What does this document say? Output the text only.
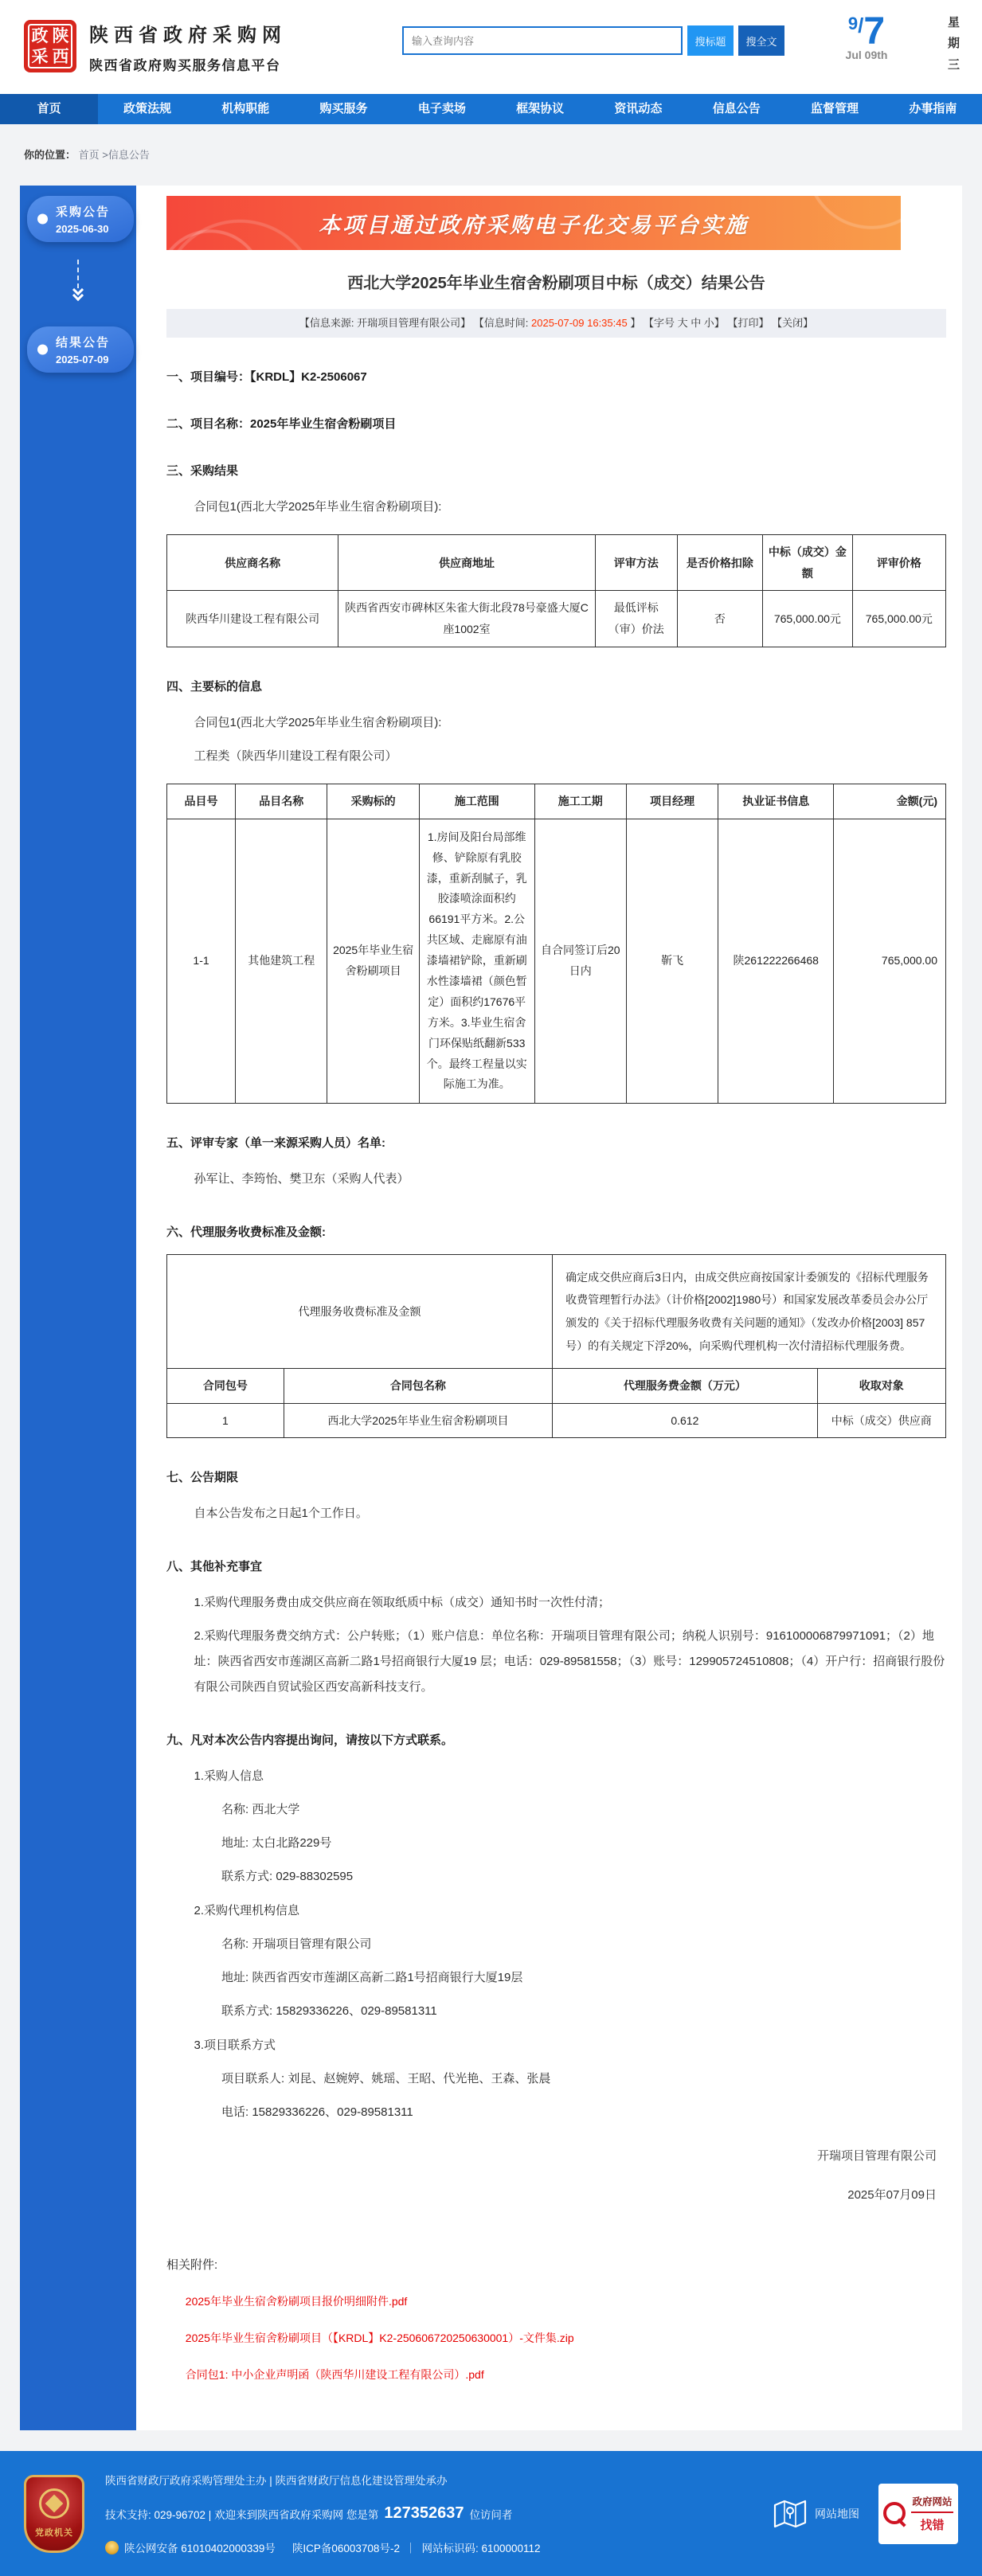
政 陕
采 西
陕西省政府采购网
陕西省政府购买服务信息平台
输入查询内容
搜标题	搜全文
9/7
Jul 09th
星期三
首页	政策法规	机构职能	购买服务	电子卖场	框架协议	资讯动态	信息公告	监督管理	办事指南
你的位置： 首页 >信息公告
采购公告
2025-06-30
结果公告
2025-07-09
本项目通过政府采购电子化交易平台实施
西北大学2025年毕业生宿舍粉刷项目中标（成交）结果公告
【信息来源: 开瑞项目管理有限公司】 【信息时间: 2025-07-09 16:35:45 】 【字号 大 中 小】 【打印】 【关闭】
一、项目编号：【KRDL】K2-2506067
二、项目名称：2025年毕业生宿舍粉刷项目
三、采购结果

合同包1(西北大学2025年毕业生宿舍粉刷项目):

供应商名称	供应商地址	评审方法	是否价格扣除	中标（成交）金额	评审价格
陕西华川建设工程有限公司	陕西省西安市碑林区朱雀大街北段78号豪盛大厦C座1002室	最低评标（审）价法	否	765,000.00元	765,000.00元
四、主要标的信息

合同包1(西北大学2025年毕业生宿舍粉刷项目):

工程类（陕西华川建设工程有限公司）

品目号	品目名称	采购标的	施工范围	施工工期	项目经理	执业证书信息	金额(元)
1-1	其他建筑工程	2025年毕业生宿舍粉刷项目	1.房间及阳台局部维修、铲除原有乳胶漆，重新刮腻子，乳胶漆喷涂面积约66191平方米。2.公共区域、走廊原有油漆墙裙铲除，重新刷水性漆墙裙（颜色暂定）面积约17676平方米。3.毕业生宿舍门环保贴纸翻新533个。最终工程量以实际施工为准。	自合同签订后20日内	靳飞	陕261222266468	765,000.00
五、评审专家（单一来源采购人员）名单:

孙军让、李筠怡、樊卫东（采购人代表）

六、代理服务收费标准及金额:
代理服务收费标准及金额		确定成交供应商后3日内，由成交供应商按国家计委颁发的《招标代理服务收费管理暂行办法》（计价格[2002]1980号）和国家发展改革委员会办公厅颁发的《关于招标代理服务收费有关问题的通知》（发改办价格[2003] 857号）的有关规定下浮20%，向采购代理机构一次付清招标代理服务费。	
合同包号	合同包名称	代理服务费金额（万元）	收取对象
1	西北大学2025年毕业生宿舍粉刷项目	0.612	中标（成交）供应商
七、公告期限

自本公告发布之日起1个工作日。

八、其他补充事宜

1.采购代理服务费由成交供应商在领取纸质中标（成交）通知书时一次性付清；

2.采购代理服务费交纳方式：公户转账；（1）账户信息：单位名称：开瑞项目管理有限公司；纳税人识别号：916100006879971091；（2）地址：陕西省西安市莲湖区高新二路1号招商银行大厦19 层；电话：029-89581558；（3）账号：129905724510808；（4）开户行：招商银行股份有限公司陕西自贸试验区西安高新科技支行。

九、凡对本次公告内容提出询问，请按以下方式联系。

1.采购人信息

名称: 西北大学

地址: 太白北路229号

联系方式: 029-88302595

2.采购代理机构信息

名称: 开瑞项目管理有限公司

地址: 陕西省西安市莲湖区高新二路1号招商银行大厦19层

联系方式: 15829336226、029-89581311

3.项目联系方式

项目联系人: 刘昆、赵婉婷、姚瑶、王昭、代光艳、王森、张晨

电话: 15829336226、029-89581311

开瑞项目管理有限公司

2025年07月09日

相关附件:
2025年毕业生宿舍粉刷项目报价明细附件.pdf
2025年毕业生宿舍粉刷项目（【KRDL】K2-250606720250630001）-文件集.zip
合同包1: 中小企业声明函（陕西华川建设工程有限公司）.pdf
党政机关
陕西省财政厅政府采购管理处主办 | 陕西省财政厅信息化建设管理处承办
技术支持: 029-96702 | 欢迎来到陕西省政府采购网 您是第 127352637 位访问者
陕公网安备 61010402000339号 陕ICP备06003708号-2 ｜ 网站标识码: 6100000112
网站地图
政府网站
找错
